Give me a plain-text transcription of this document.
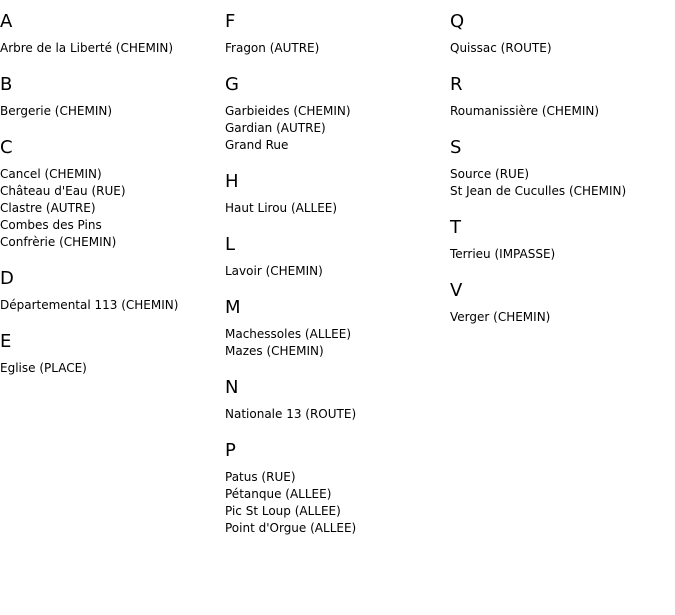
A
Arbre de la Liberté (CHEMIN)
B
Bergerie (CHEMIN)
C
Cancel (CHEMIN)
Château d'Eau (RUE)
Clastre (AUTRE)
Combes des Pins
Confrèrie (CHEMIN)
D
Départemental 113 (CHEMIN)
E
Eglise (PLACE)
F
Fragon (AUTRE)
G
Garbieides (CHEMIN)
Gardian (AUTRE)
Grand Rue
H
Haut Lirou (ALLEE)
L
Lavoir (CHEMIN)
M
Machessoles (ALLEE)
Mazes (CHEMIN)
N
Nationale 13 (ROUTE)
P
Patus (RUE)
Pétanque (ALLEE)
Pic St Loup (ALLEE)
Point d'Orgue (ALLEE)
Q
Quissac (ROUTE)
R
Roumanissière (CHEMIN)
S
Source (RUE)
St Jean de Cuculles (CHEMIN)
T
Terrieu (IMPASSE)
V
Verger (CHEMIN)
